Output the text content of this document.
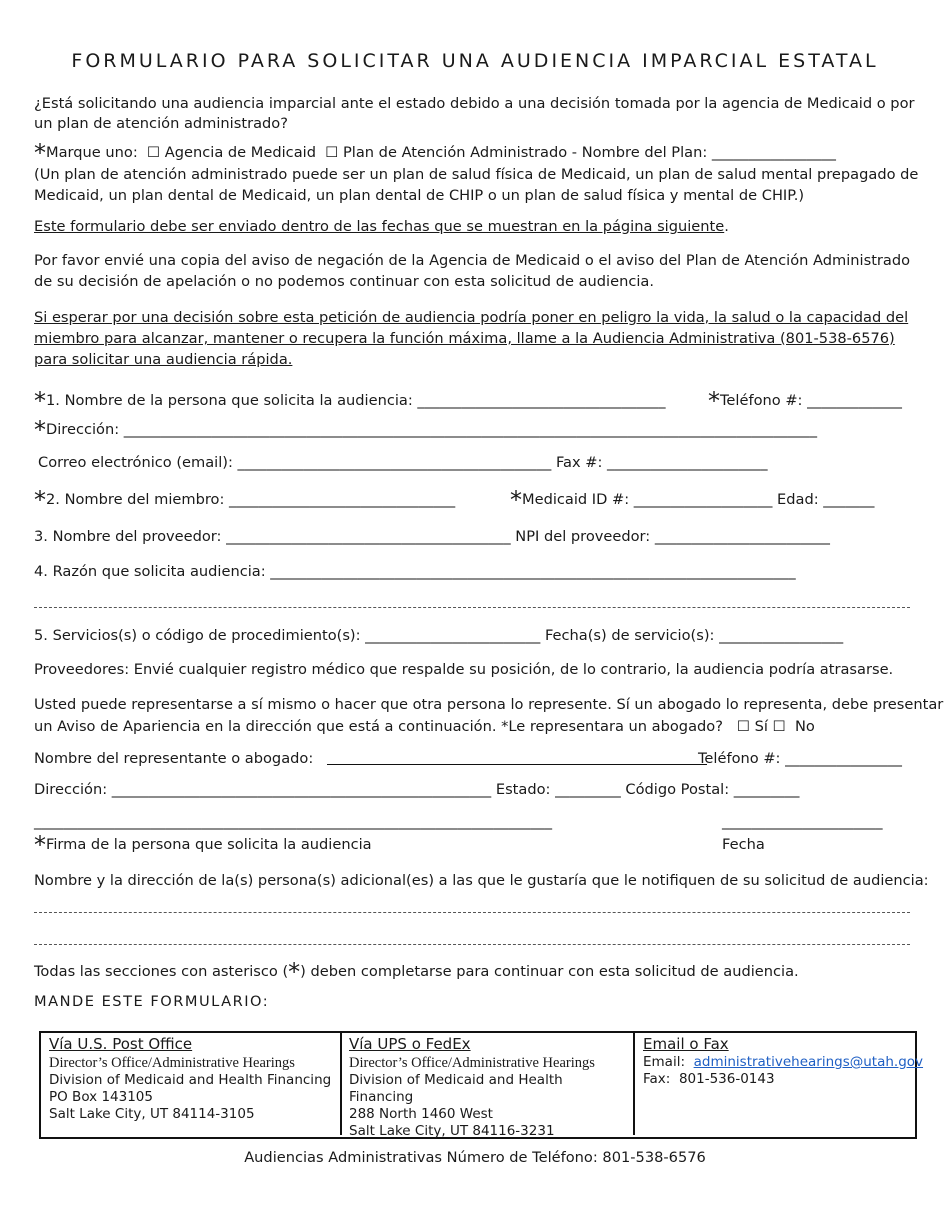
FORMULARIO PARA SOLICITAR UNA AUDIENCIA IMPARCIAL ESTATAL
¿Está solicitando una audiencia imparcial ante el estado debido a una decisión tomada por la agencia de Medicaid o por un plan de atención administrado?
*Marque uno: ☐ Agencia de Medicaid ☐ Plan de Atención Administrado - Nombre del Plan: _________________
(Un plan de atención administrado puede ser un plan de salud física de Medicaid, un plan de salud mental prepagado de
Medicaid, un plan dental de Medicaid, un plan dental de CHIP o un plan de salud física y mental de CHIP.)
Este formulario debe ser enviado dentro de las fechas que se muestran en la página siguiente.
Por favor envié una copia del aviso de negación de la Agencia de Medicaid o el aviso del Plan de Atención Administrado de su decisión de apelación o no podemos continuar con esta solicitud de audiencia.
Si esperar por una decisión sobre esta petición de audiencia podría poner en peligro la vida, la salud o la capacidad del miembro para alcanzar, mantener o recupera la función máxima, llame a la Audiencia Administrativa (801-538-6576) para solicitar una audiencia rápida.
*1. Nombre de la persona que solicita la audiencia: __________________________________ *Teléfono #: _____________
*Dirección: _______________________________________________________________________________________________
Correo electrónico (email): ___________________________________________ Fax #: ______________________
*2. Nombre del miembro: _______________________________ *Medicaid ID #: ___________________ Edad: _______
3. Nombre del proveedor: _______________________________________ NPI del proveedor: ________________________
4. Razón que solicita audiencia: ________________________________________________________________________
5. Servicios(s) o código de procedimiento(s): ________________________ Fecha(s) de servicio(s): _________________
Proveedores: Envié cualquier registro médico que respalde su posición, de lo contrario, la audiencia podría atrasarse.
Usted puede representarse a sí mismo o hacer que otra persona lo represente. Sí un abogado lo representa, debe presentar
un Aviso de Apariencia en la dirección que está a continuación. *Le representara un abogado? ☐ Sí ☐ No
Nombre del representante o abogado:	Teléfono #: ________________
Dirección: ____________________________________________________ Estado: _________ Código Postal: _________
_______________________________________________________________________	______________________
*Firma de la persona que solicita la audiencia	Fecha
Nombre y la dirección de la(s) persona(s) adicional(es) a las que le gustaría que le notifiquen de su solicitud de audiencia:
Todas las secciones con asterisco (*) deben completarse para continuar con esta solicitud de audiencia.
MANDE ESTE FORMULARIO:
Vía U.S. Post Office
Director’s Office/Administrative Hearings
Division of Medicaid and Health Financing
PO Box 143105
Salt Lake City, UT 84114-3105
Vía UPS o FedEx
Director’s Office/Administrative Hearings
Division of Medicaid and Health Financing
288 North 1460 West
Salt Lake City, UT 84116-3231
Email o Fax
Email: administrativehearings@utah.gov
Fax: 801-536-0143
Audiencias Administrativas Número de Teléfono: 801-538-6576
